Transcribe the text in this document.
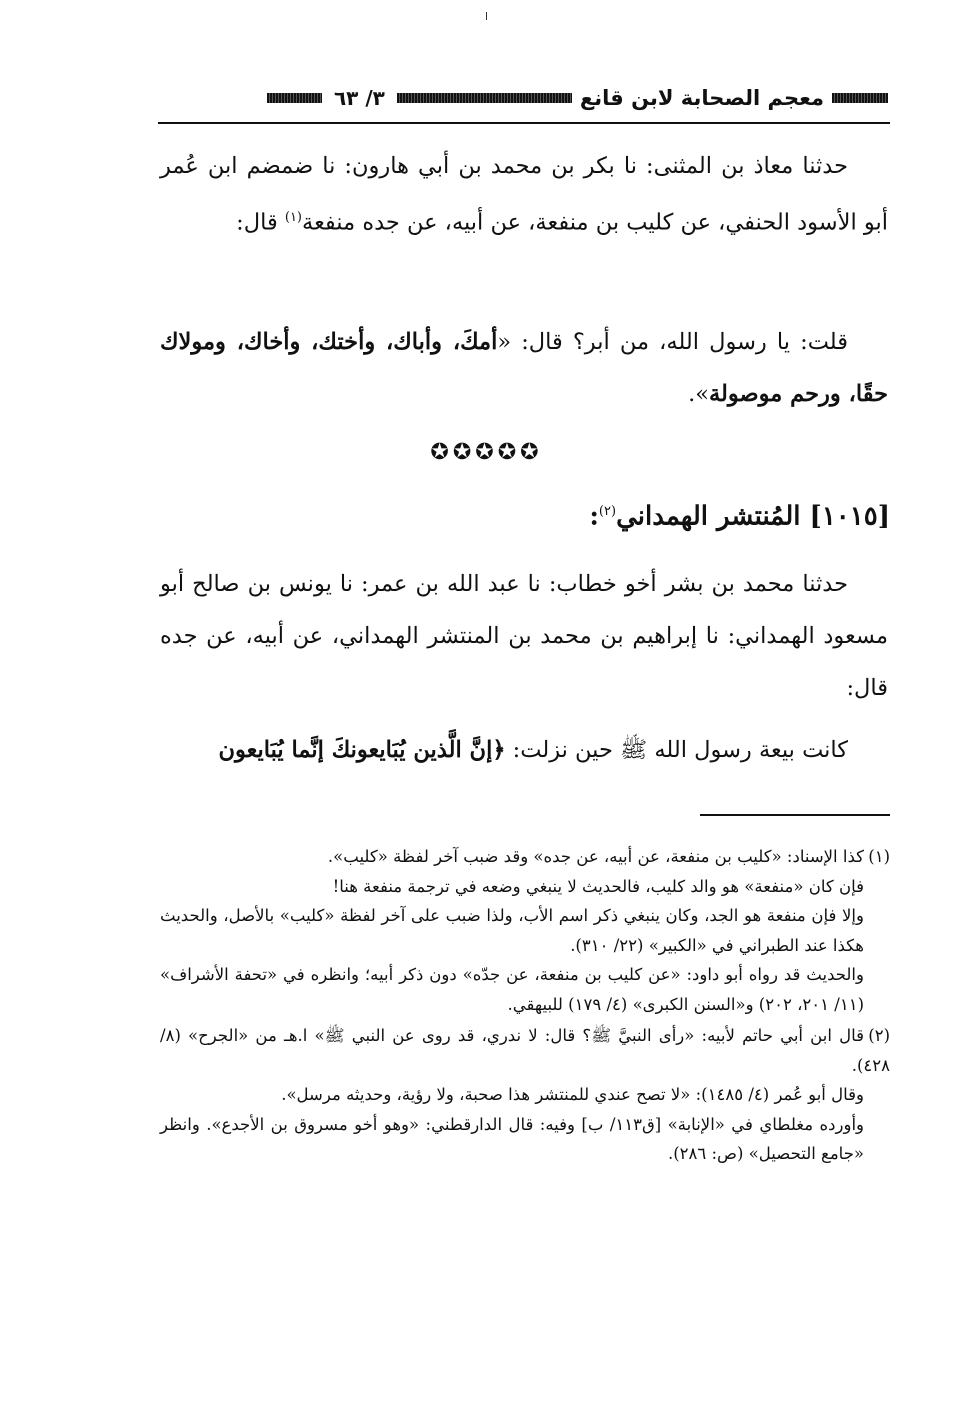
معجم الصحابة لابن قانع
٣/ ٦٣
حدثنا معاذ بن المثنى: نا بكر بن محمد بن أبي هارون: نا ضمضم ابن عُمر أبو الأسود الحنفي، عن كليب بن منفعة، عن أبيه، عن جده منفعة$^{(١)}$ قال:
قلت: يا رسول الله، من أبر؟ قال: «أمكَ، وأباك، وأختك، وأخاك، ومولاك حقًا، ورحم موصولة».
✪✪✪✪✪
[١٠١٥] المُنتشر الهمداني$^{(٢)}$:
حدثنا محمد بن بشر أخو خطاب: نا عبد الله بن عمر: نا يونس بن صالح أبو مسعود الهمداني: نا إبراهيم بن محمد بن المنتشر الهمداني، عن أبيه، عن جده قال:
كانت بيعة رسول الله ﷺ حين نزلت: ﴿إنَّ الَّذين يُبَايعونكَ إنَّما يُبَايعون
(١)كذا الإسناد: «كليب بن منفعة، عن أبيه، عن جده» وقد ضبب آخر لفظة «كليب».
فإن كان «منفعة» هو والد كليب، فالحديث لا ينبغي وضعه في ترجمة منفعة هنا!
وإلا فإن منفعة هو الجد، وكان ينبغي ذكر اسم الأب، ولذا ضبب على آخر لفظة «كليب» بالأصل، والحديث هكذا عند الطبراني في «الكبير» (٢٢/ ٣١٠).
والحديث قد رواه أبو داود: «عن كليب بن منفعة، عن جدّه» دون ذكر أبيه؛ وانظره في «تحفة الأشراف» (١١/ ٢٠١، ٢٠٢) و«السنن الكبرى» (٤/ ١٧٩) للبيهقي.
(٢)قال ابن أبي حاتم لأبيه: «رأى النبيَّ ﷺ؟ قال: لا ندري، قد روى عن النبي ﷺ» ا.هـ من «الجرح» (٨/ ٤٢٨).
وقال أبو عُمر (٤/ ١٤٨٥): «لا تصح عندي للمنتشر هذا صحبة، ولا رؤية، وحديثه مرسل».
وأورده مغلطاي في «الإنابة» [ق١١٣/ ب] وفيه: قال الدارقطني: «وهو أخو مسروق بن الأجدع». وانظر «جامع التحصيل» (ص: ٢٨٦).
